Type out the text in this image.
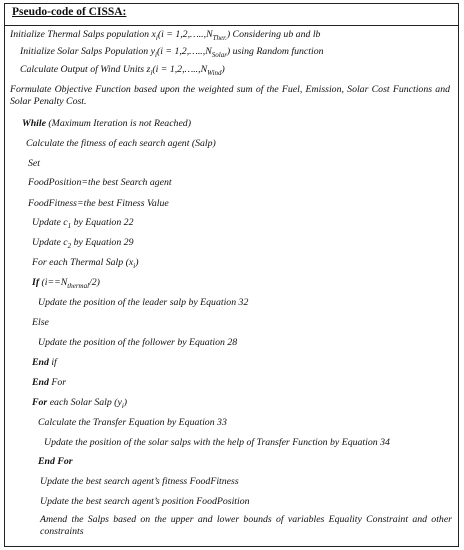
Pseudo-code of CISSA:
Initialize Thermal Salps population $x_i(i$ = $1,2,\dots..,N_{Ther.}$) Considering ub and lb
Initialize Solar Salps Population $y_i(i$ = $1,2,\dots..,N_{Solar}$) using Random function
Calculate Output of Wind Units $z_i(i$ = $1,2,\dots..,N_{Wind}$)
Formulate Objective Function based upon the weighted sum of the Fuel, Emission, Solar Cost Functions and Solar Penalty Cost.
While (Maximum Iteration is not Reached)
Calculate the fitness of each search agent (Salp)
Set
FoodPosition=the best Search agent
FoodFitness=the best Fitness Value
Update $c_1$ by Equation 22
Update $c_2$ by Equation 29
For each Thermal Salp $(x_i)$
If $(i==N_{thermal}/2)$
Update the position of the leader salp by Equation 32
Else
Update the position of the follower by Equation 28
End if
End For
For each Solar Salp $(y_i)$
Calculate the Transfer Equation by Equation 33
Update the position of the solar salps with the help of Transfer Function by Equation 34
End For
Update the best search agent’s fitness FoodFitness
Update the best search agent’s position FoodPosition
Amend the Salps based on the upper and lower bounds of variables Equality Constraint and other constraints
